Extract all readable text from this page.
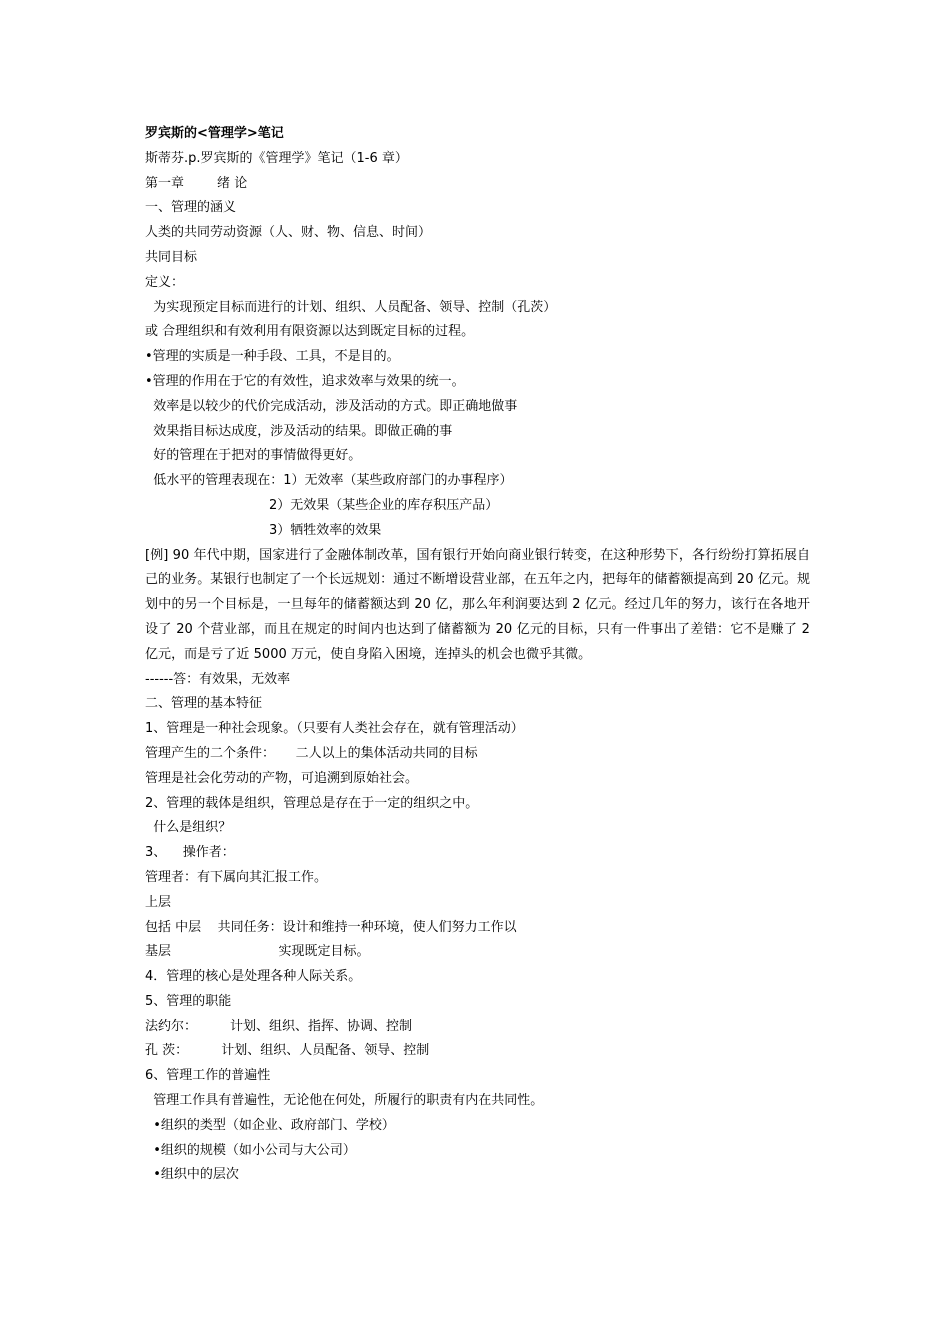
罗宾斯的<管理学>笔记
斯蒂芬.p.罗宾斯的《管理学》笔记（1-6 章）
第一章        绪 论
一、管理的涵义
人类的共同劳动资源（人、财、物、信息、时间）
共同目标
定义：
为实现预定目标而进行的计划、组织、人员配备、领导、控制（孔茨）
或 合理组织和有效利用有限资源以达到既定目标的过程。
•管理的实质是一种手段、工具，不是目的。
•管理的作用在于它的有效性，追求效率与效果的统一。
效率是以较少的代价完成活动，涉及活动的方式。即正确地做事
效果指目标达成度，涉及活动的结果。即做正确的事
好的管理在于把对的事情做得更好。
低水平的管理表现在：1）无效率（某些政府部门的办事程序）
2）无效果（某些企业的库存积压产品）
3）牺牲效率的效果
[例] 90 年代中期，国家进行了金融体制改革，国有银行开始向商业银行转变，在这种形势下，各行纷纷打算拓展自己的业务。某银行也制定了一个长远规划：通过不断增设营业部，在五年之内，把每年的储蓄额提高到 20 亿元。规划中的另一个目标是，一旦每年的储蓄额达到 20 亿，那么年利润要达到 2 亿元。经过几年的努力，该行在各地开设了 20 个营业部，而且在规定的时间内也达到了储蓄额为 20 亿元的目标，只有一件事出了差错：它不是赚了 2 亿元，而是亏了近 5000 万元，使自身陷入困境，连掉头的机会也微乎其微。
------答：有效果，无效率
二、管理的基本特征
1、管理是一种社会现象。（只要有人类社会存在，就有管理活动）
管理产生的二个条件：     二人以上的集体活动共同的目标
管理是社会化劳动的产物，可追溯到原始社会。
2、管理的载体是组织，管理总是存在于一定的组织之中。
什么是组织？
3、    操作者：
管理者：有下属向其汇报工作。
上层
包括 中层    共同任务：设计和维持一种环境，使人们努力工作以
基层                          实现既定目标。
4．管理的核心是处理各种人际关系。
5、管理的职能
法约尔：        计划、组织、指挥、协调、控制
孔 茨：        计划、组织、人员配备、领导、控制
6、管理工作的普遍性
管理工作具有普遍性，无论他在何处，所履行的职责有内在共同性。
•组织的类型（如企业、政府部门、学校）
•组织的规模（如小公司与大公司）
•组织中的层次
